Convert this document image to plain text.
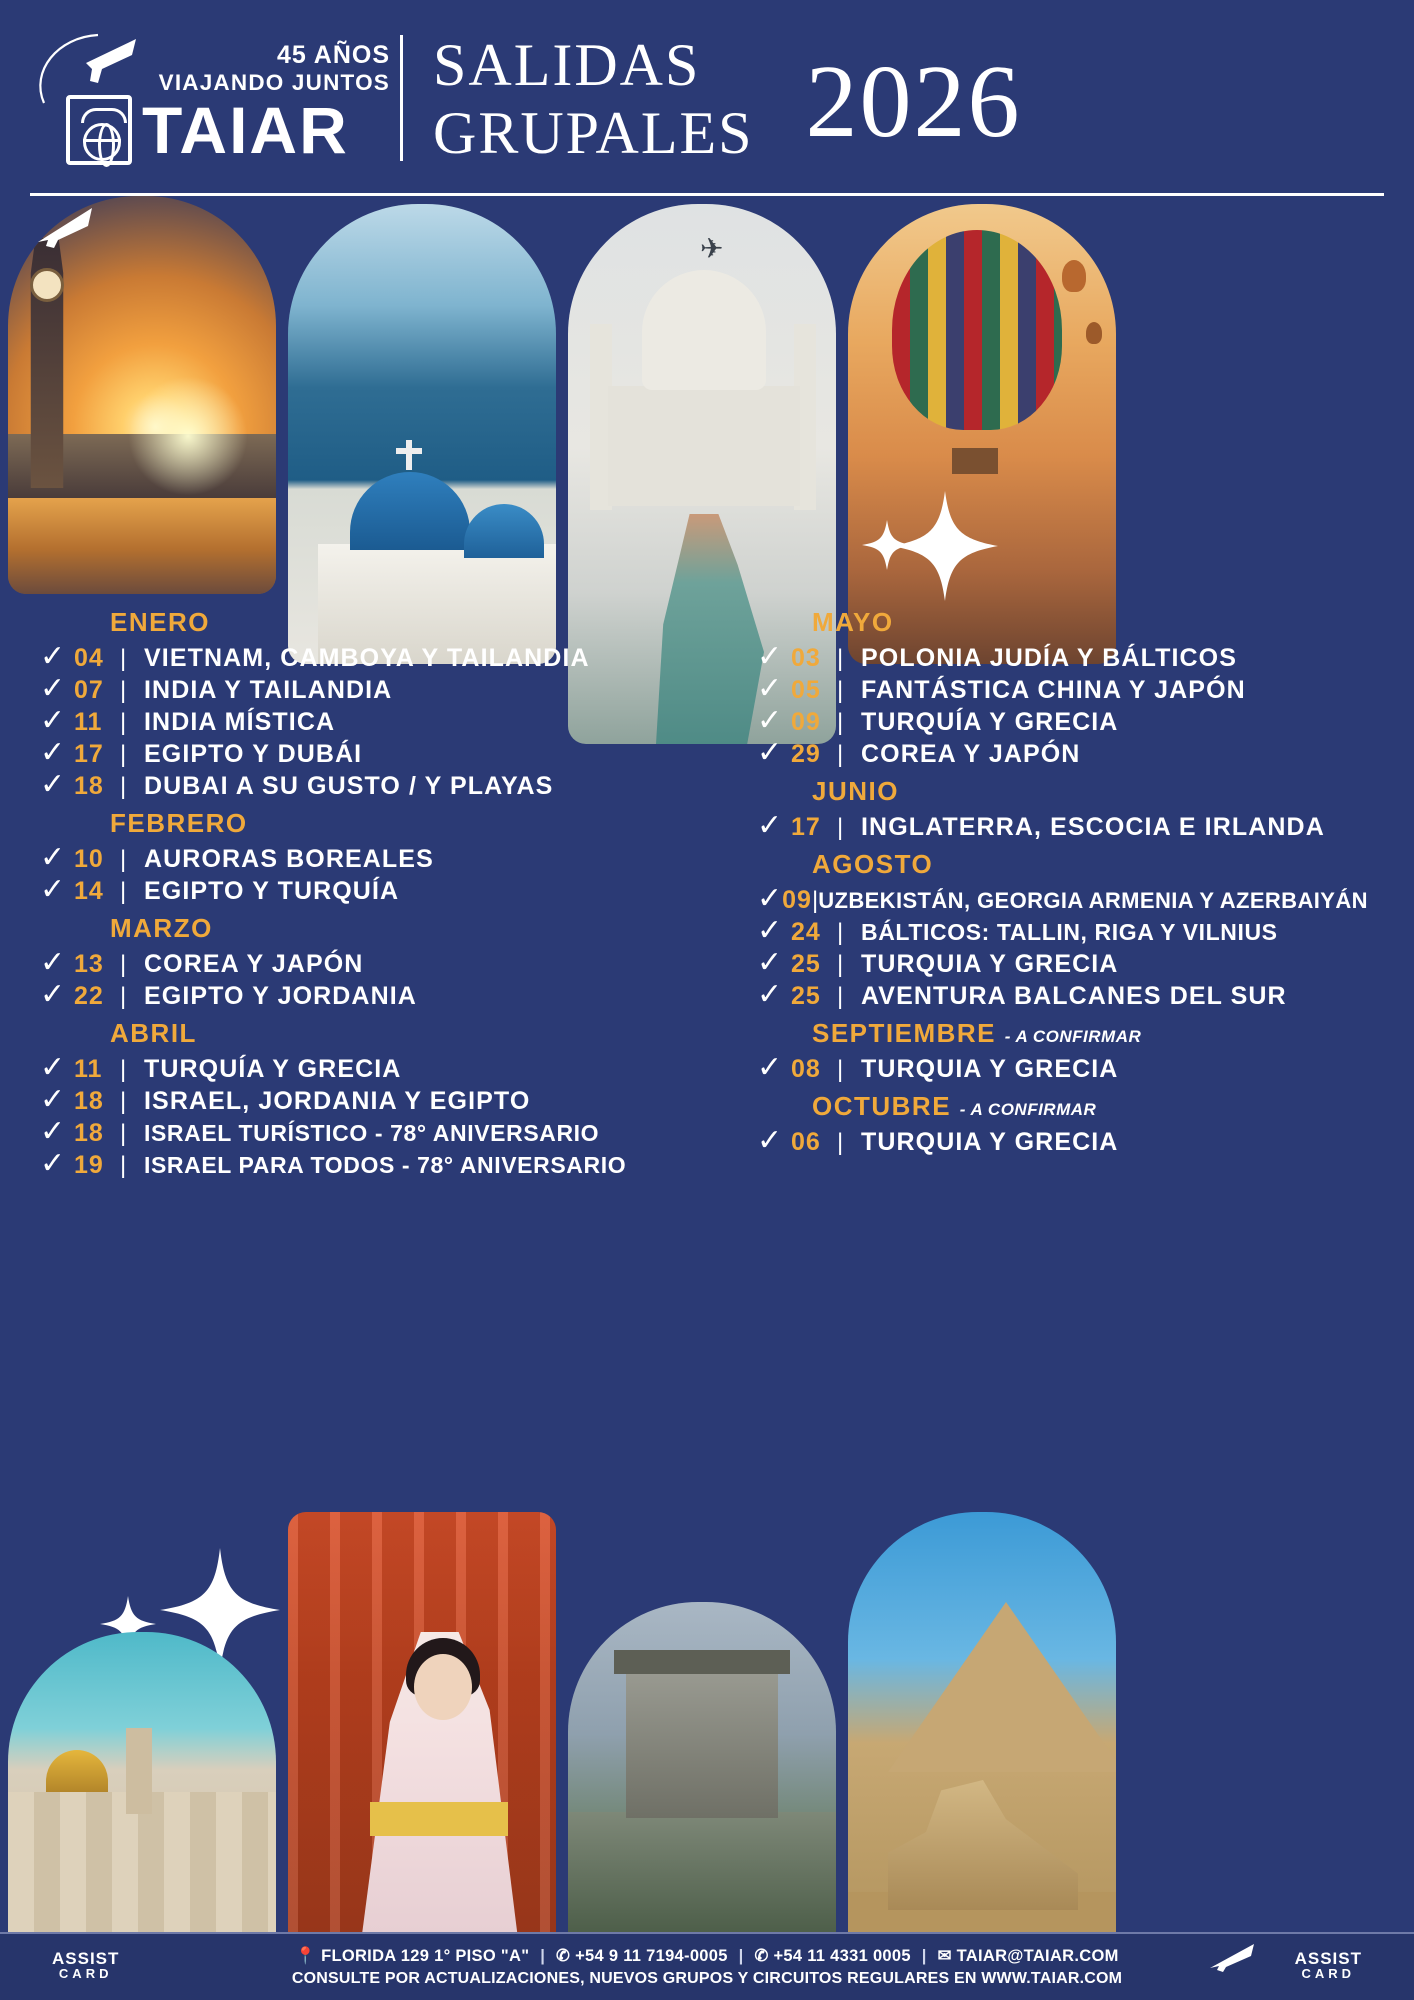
45 AÑOS
VIAJANDO JUNTOS
TAIAR
SALIDAS
GRUPALES 2026
✈
ENERO
✓ 04 | VIETNAM, CAMBOYA Y TAILANDIA
✓ 07 | INDIA Y TAILANDIA
✓ 11 | INDIA MÍSTICA
✓ 17 | EGIPTO Y DUBÁI
✓ 18 | DUBAI A SU GUSTO / Y PLAYAS
FEBRERO
✓ 10 | AURORAS BOREALES
✓ 14 | EGIPTO Y TURQUÍA
MARZO
✓ 13 | COREA Y JAPÓN
✓ 22 | EGIPTO Y JORDANIA
ABRIL
✓ 11 | TURQUÍA Y GRECIA
✓ 18 | ISRAEL, JORDANIA Y EGIPTO
✓ 18 | ISRAEL TURÍSTICO - 78° ANIVERSARIO
✓ 19 | ISRAEL PARA TODOS - 78° ANIVERSARIO
MAYO
✓ 03 | POLONIA JUDÍA Y BÁLTICOS
✓ 05 | FANTÁSTICA CHINA Y JAPÓN
✓ 09 | TURQUÍA Y GRECIA
✓ 29 | COREA Y JAPÓN
JUNIO
✓ 17 | INGLATERRA, ESCOCIA E IRLANDA
AGOSTO
✓ 09 | UZBEKISTÁN, GEORGIA ARMENIA Y AZERBAIYÁN
✓ 24 | BÁLTICOS: TALLIN, RIGA Y VILNIUS
✓ 25 | TURQUIA Y GRECIA
✓ 25 | AVENTURA BALCANES DEL SUR
SEPTIEMBRE - A CONFIRMAR
✓ 08 | TURQUIA Y GRECIA
OCTUBRE - A CONFIRMAR
✓ 06 | TURQUIA Y GRECIA
ASSIST
CARD
📍 FLORIDA 129 1° PISO "A" | ✆ +54 9 11 7194-0005 | ✆ +54 11 4331 0005 | ✉ TAIAR@TAIAR.COM
CONSULTE POR ACTUALIZACIONES, NUEVOS GRUPOS Y CIRCUITOS REGULARES EN WWW.TAIAR.COM
ASSIST
CARD
